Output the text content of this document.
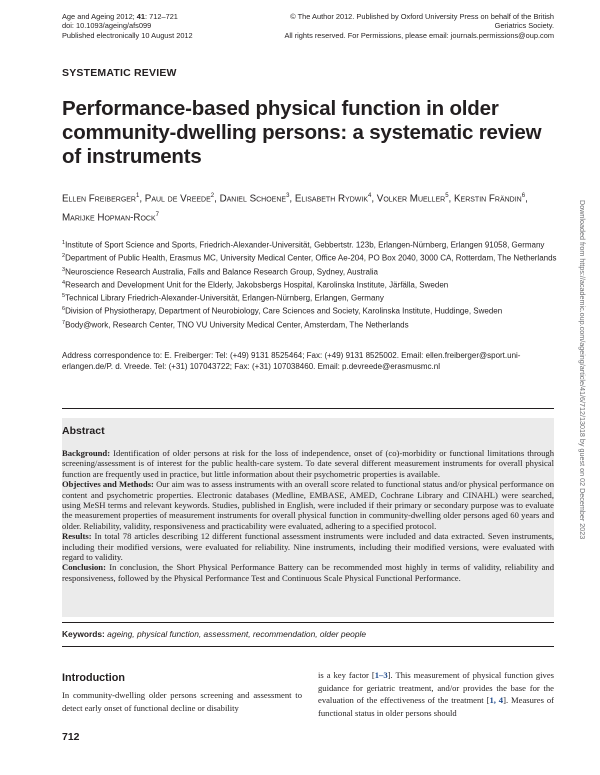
Age and Ageing 2012; 41: 712–721
doi: 10.1093/ageing/afs099
Published electronically 10 August 2012
© The Author 2012. Published by Oxford University Press on behalf of the British Geriatrics Society.
All rights reserved. For Permissions, please email: journals.permissions@oup.com
SYSTEMATIC REVIEW
Performance-based physical function in older community-dwelling persons: a systematic review of instruments
Ellen Freiberger$^1$, Paul de Vreede$^2$, Daniel Schoene$^3$, Elisabeth Rydwik$^4$, Volker Mueller$^5$, Kerstin Frändin$^6$, Marijke Hopman-Rock$^7$
$^1$Institute of Sport Science and Sports, Friedrich-Alexander-Universität, Gebbertstr. 123b, Erlangen-Nürnberg, Erlangen 91058, Germany
$^2$Department of Public Health, Erasmus MC, University Medical Center, Office Ae-204, PO Box 2040, 3000 CA, Rotterdam, The Netherlands
$^3$Neuroscience Research Australia, Falls and Balance Research Group, Sydney, Australia
$^4$Research and Development Unit for the Elderly, Jakobsbergs Hospital, Karolinska Institute, Järfälla, Sweden
$^5$Technical Library Friedrich-Alexander-Universität, Erlangen-Nürnberg, Erlangen, Germany
$^6$Division of Physiotherapy, Department of Neurobiology, Care Sciences and Society, Karolinska Institute, Huddinge, Sweden
$^7$Body@work, Research Center, TNO VU University Medical Center, Amsterdam, The Netherlands
Address correspondence to: E. Freiberger: Tel: (+49) 9131 8525464; Fax: (+49) 9131 8525002. Email: ellen.freiberger@sport.uni-erlangen.de/P. d. Vreede. Tel: (+31) 107043722; Fax: (+31) 107038460. Email: p.devreede@erasmusmc.nl
Abstract

Background: Identification of older persons at risk for the loss of independence, onset of (co)-morbidity or functional limitations through screening/assessment is of interest for the public health-care system. To date several different measurement instruments for overall physical function are frequently used in practice, but little information about their psychometric properties is available.

Objectives and Methods: Our aim was to assess instruments with an overall score related to functional status and/or physical performance on content and psychometric properties. Electronic databases (Medline, EMBASE, AMED, Cochrane Library and CINAHL) were searched, using MeSH terms and relevant keywords. Studies, published in English, were included if their primary or secondary purpose was to evaluate the measurement properties of measurement instruments for overall physical function in community-dwelling older persons aged 60 years and older. Reliability, validity, responsiveness and practicability were evaluated, adhering to a specified protocol.

Results: In total 78 articles describing 12 different functional assessment instruments were included and data extracted. Seven instruments, including their modified versions, were evaluated for reliability. Nine instruments, including their modified versions, were evaluated with regard to validity.

Conclusion: In conclusion, the Short Physical Performance Battery can be recommended most highly in terms of validity, reliability and responsiveness, followed by the Physical Performance Test and Continuous Scale Physical Functional Performance.

Keywords: ageing, physical function, assessment, recommendation, older people
Introduction
In community-dwelling older persons screening and assessment to detect early onset of functional decline or disability
is a key factor [1–3]. This measurement of physical function gives guidance for geriatric treatment, and/or provides the base for the evaluation of the effectiveness of the treatment [1, 4]. Measures of functional status in older persons should
712
Downloaded from https://academic.oup.com/ageing/article/41/6/712/13018 by guest on 02 December 2023
